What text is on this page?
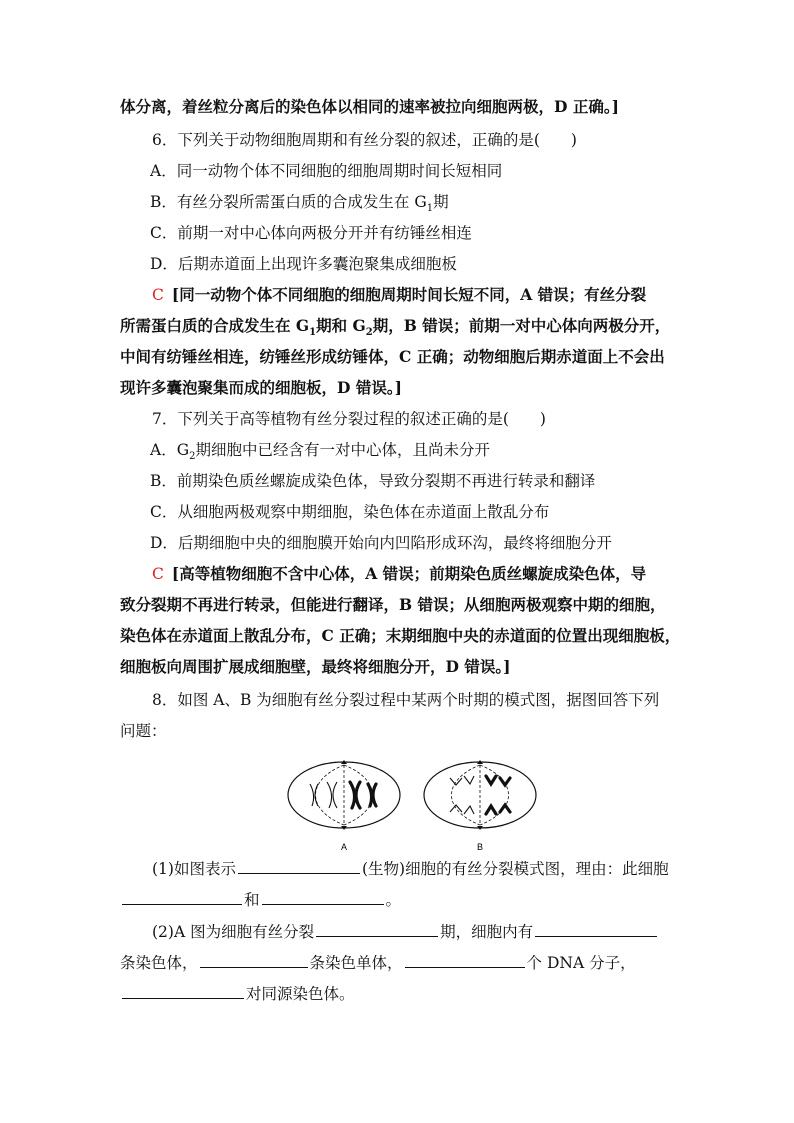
体分离，着丝粒分离后的染色体以相同的速率被拉向细胞两极，D 正确。]
6．下列关于动物细胞周期和有丝分裂的叙述，正确的是(　　)
A．同一动物个体不同细胞的细胞周期时间长短相同
B．有丝分裂所需蛋白质的合成发生在 $G_1$期
C．前期一对中心体向两极分开并有纺锤丝相连
D．后期赤道面上出现许多囊泡聚集成细胞板
C [同一动物个体不同细胞的细胞周期时间长短不同，A 错误；有丝分裂
所需蛋白质的合成发生在 $G_1$期和 $G_2$期，B 错误；前期一对中心体向两极分开，
中间有纺锤丝相连，纺锤丝形成纺锤体，C 正确；动物细胞后期赤道面上不会出
现许多囊泡聚集而成的细胞板，D 错误。]
7．下列关于高等植物有丝分裂过程的叙述正确的是(　　)
A．$G_2$期细胞中已经含有一对中心体，且尚未分开
B．前期染色质丝螺旋成染色体，导致分裂期不再进行转录和翻译
C．从细胞两极观察中期细胞，染色体在赤道面上散乱分布
D．后期细胞中央的细胞膜开始向内凹陷形成环沟，最终将细胞分开
C [高等植物细胞不含中心体，A 错误；前期染色质丝螺旋成染色体，导
致分裂期不再进行转录，但能进行翻译，B 错误；从细胞两极观察中期的细胞，
染色体在赤道面上散乱分布，C 正确；末期细胞中央的赤道面的位置出现细胞板，
细胞板向周围扩展成细胞壁，最终将细胞分开，D 错误。]
8．如图 A、B 为细胞有丝分裂过程中某两个时期的模式图，据图回答下列
问题：
A	B
(1)如图表示	(生物)细胞的有丝分裂模式图，理由：此细胞
和	。
(2)A 图为细胞有丝分裂	期，细胞内有
条染色体，	条染色单体，	个 DNA 分子，
对同源染色体。
